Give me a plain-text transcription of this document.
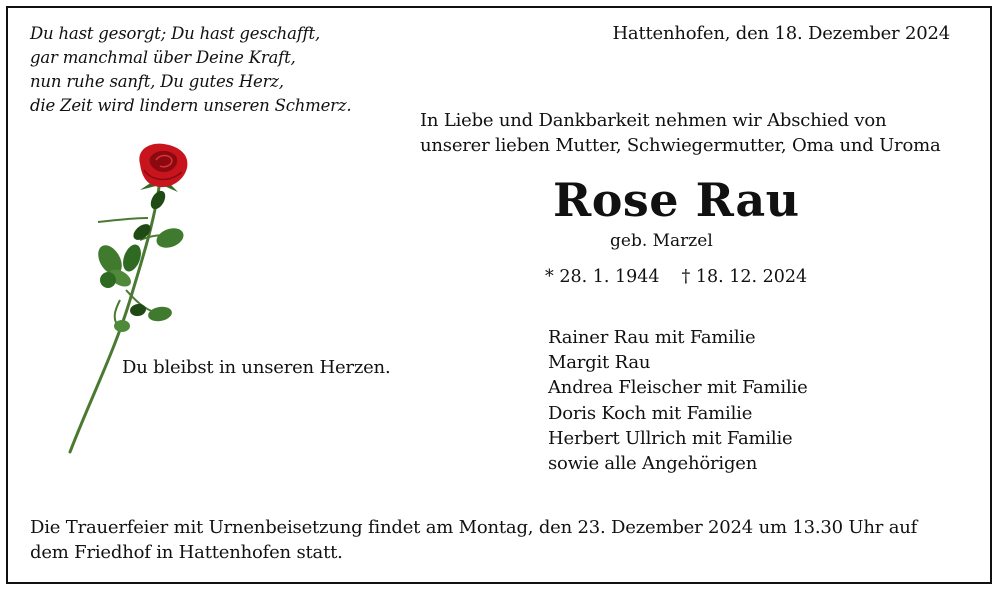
Du hast gesorgt; Du hast geschafft,
gar manchmal über Deine Kraft,
nun ruhe sanft, Du gutes Herz,
die Zeit wird lindern unseren Schmerz.
Hattenhofen, den 18. Dezember 2024
In Liebe und Dankbarkeit nehmen wir Abschied von
unserer lieben Mutter, Schwiegermutter, Oma und Uroma
Rose Rau
geb. Marzel
* 28. 1. 1944 † 18. 12. 2024
Du bleibst in unseren Herzen.
Rainer Rau mit Familie
Margit Rau
Andrea Fleischer mit Familie
Doris Koch mit Familie
Herbert Ullrich mit Familie
sowie alle Angehörigen
Die Trauerfeier mit Urnenbeisetzung findet am Montag, den 23. Dezember 2024 um 13.30 Uhr auf
dem Friedhof in Hattenhofen statt.
